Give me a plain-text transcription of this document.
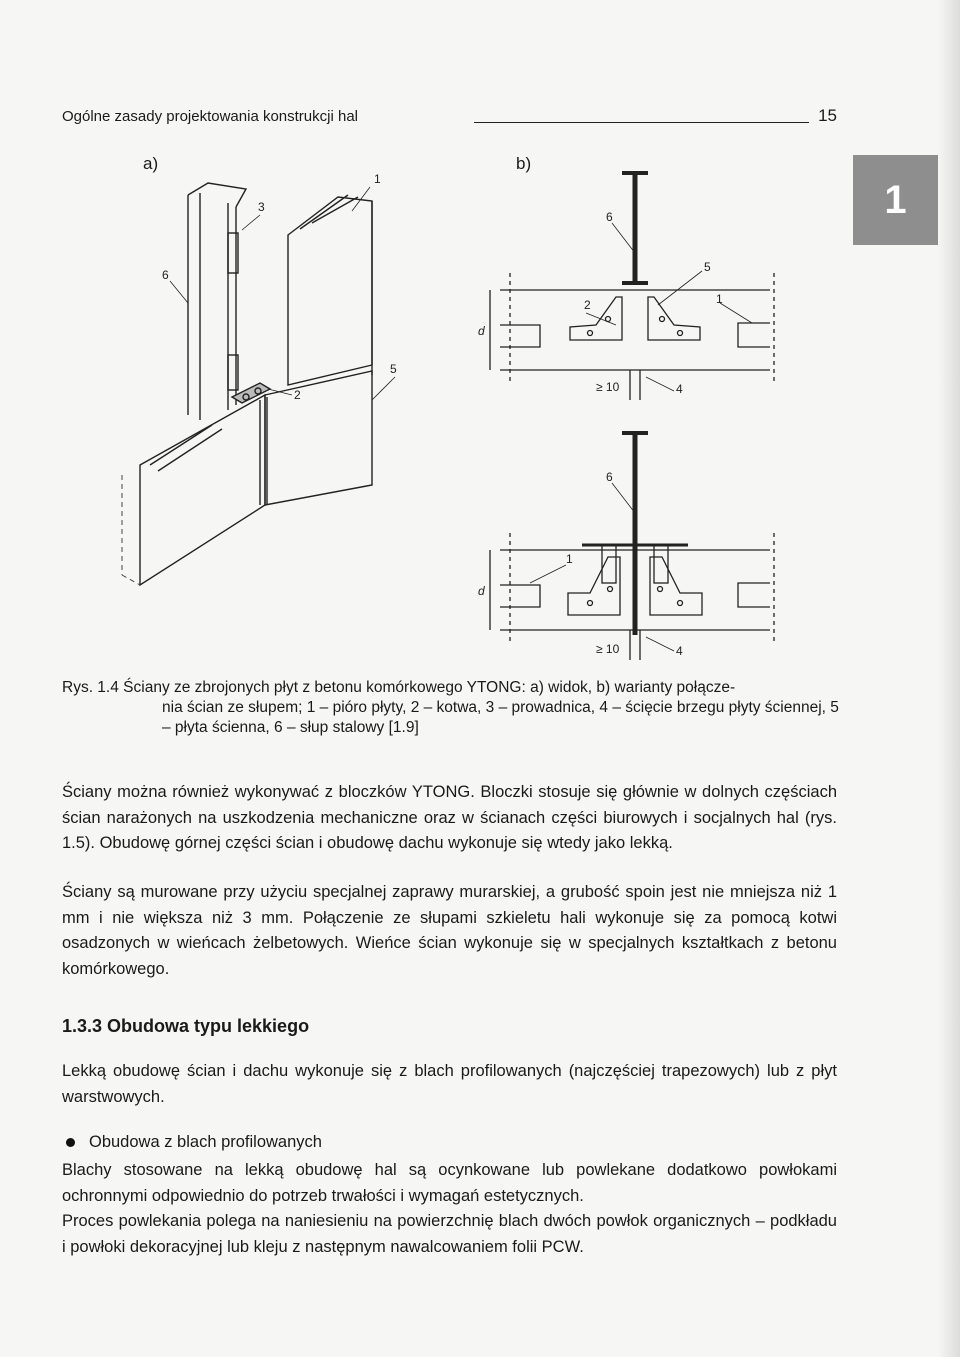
Ogólne zasady projektowania konstrukcji hal	15
1
a)
1
3
6
5
2
b)
6
5
2	1
d
≥ 10	4
6
1
d
≥ 10	4
Rys. 1.4 Ściany ze zbrojonych płyt z betonu komórkowego YTONG: a) widok, b) warianty połącze-
nia ścian ze słupem; 1 – pióro płyty, 2 – kotwa, 3 – prowadnica, 4 – ścięcie brzegu płyty ściennej, 5 – płyta ścienna, 6 – słup stalowy [1.9]

Ściany można również wykonywać z bloczków YTONG. Bloczki stosuje się głównie w dolnych częściach ścian narażonych na uszkodzenia mechaniczne oraz w ścianach części biurowych i socjalnych hal (rys. 1.5). Obudowę górnej części ścian i obudowę dachu wykonuje się wtedy jako lekką.

Ściany są murowane przy użyciu specjalnej zaprawy murarskiej, a grubość spoin jest nie mniejsza niż 1 mm i nie większa niż 3 mm. Połączenie ze słupami szkieletu hali wykonuje się za pomocą kotwi osadzonych w wieńcach żelbetowych. Wieńce ścian wykonuje się w specjalnych kształtkach z betonu komórkowego.

1.3.3 Obudowa typu lekkiego

Lekką obudowę ścian i dachu wykonuje się z blach profilowanych (najczęściej trapezowych) lub z płyt warstwowych.

Obudowa z blach profilowanych

Blachy stosowane na lekką obudowę hal są ocynkowane lub powlekane dodatkowo powłokami ochronnymi odpowiednio do potrzeb trwałości i wymagań estetycznych.

Proces powlekania polega na naniesieniu na powierzchnię blach dwóch powłok organicznych – podkładu i powłoki dekoracyjnej lub kleju z następnym nawalcowaniem folii PCW.
